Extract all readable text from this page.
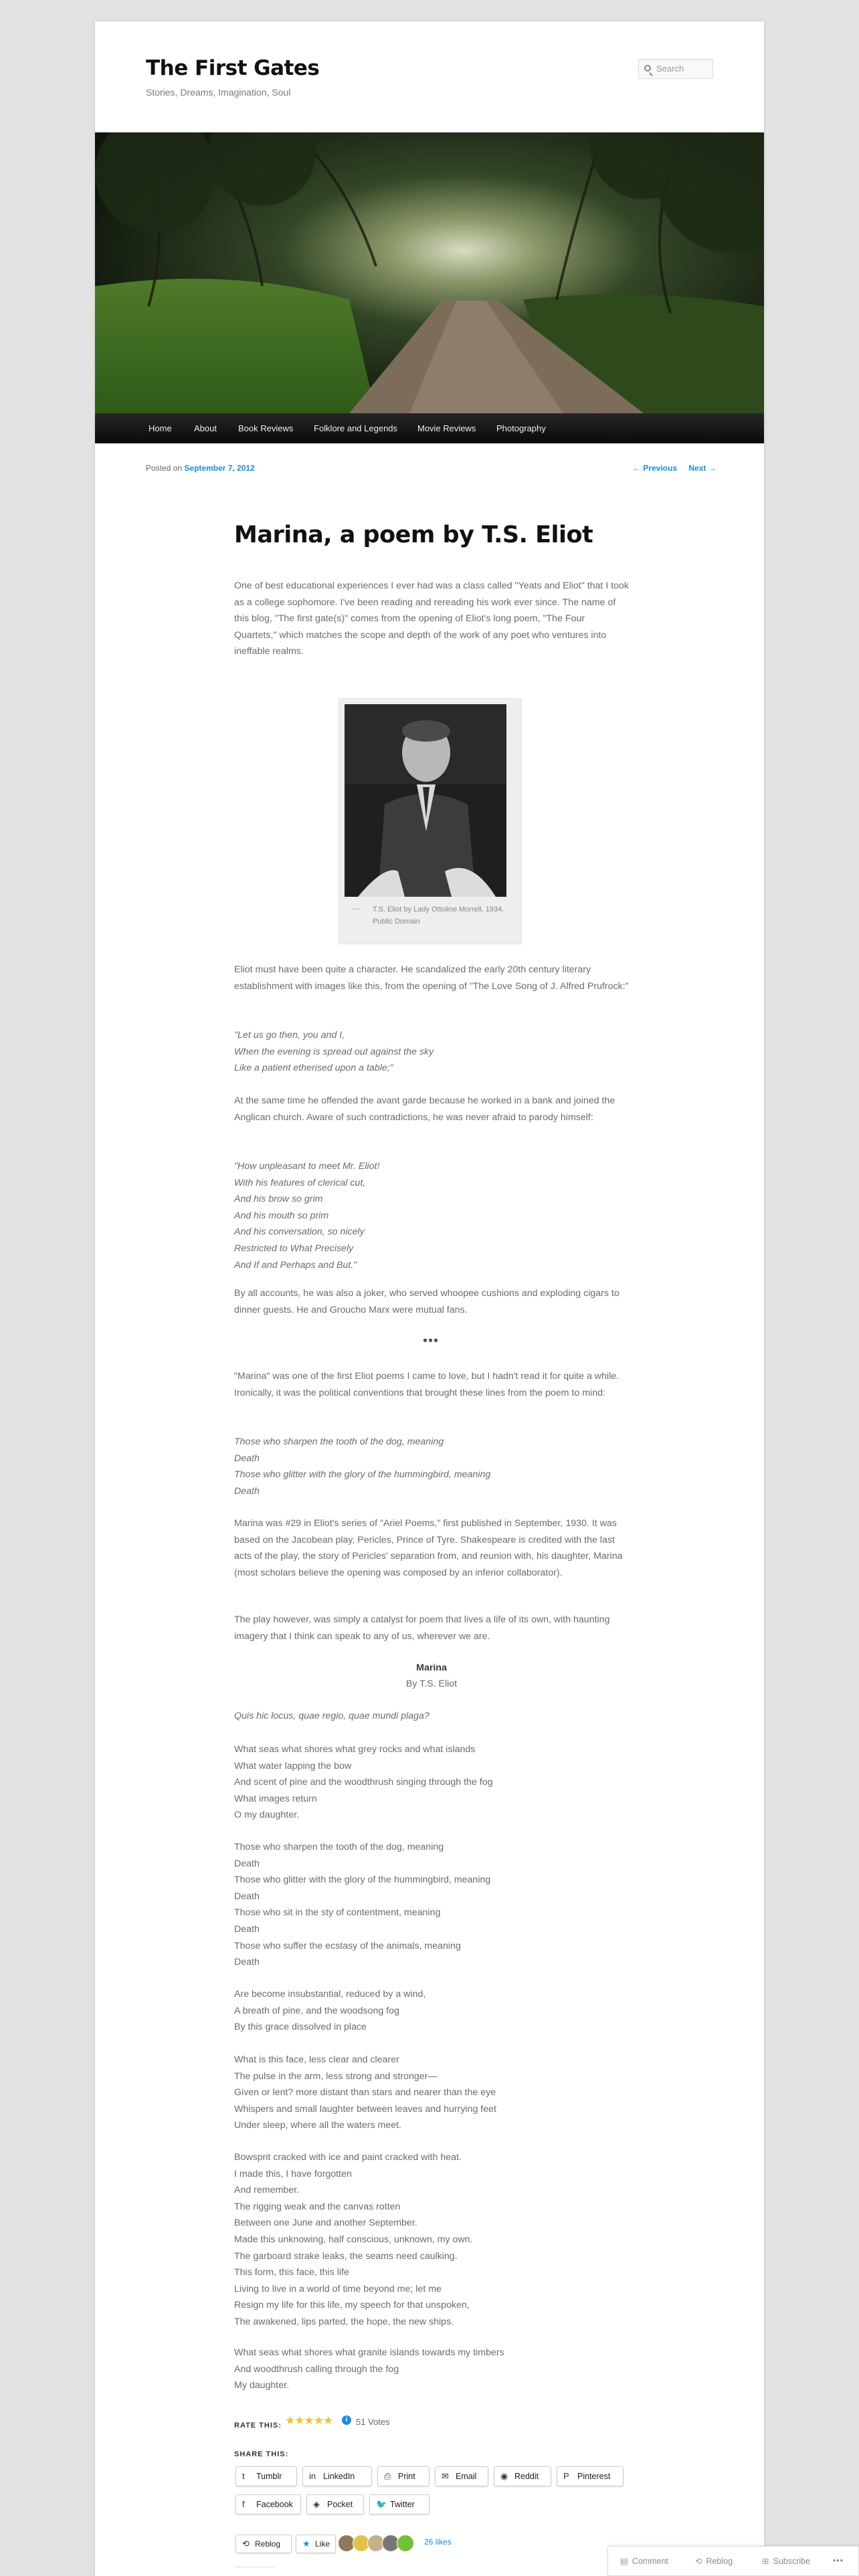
The First Gates
Stories, Dreams, Imagination, Soul
Search
Home	About Book Reviews Folklore and Legends Movie Reviews Photography
Posted on September 7, 2012	← Previous Next →
Marina, a poem by T.S. Eliot
One of best educational experiences I ever had was a class called "Yeats and Eliot" that I took as a college sophomore. I've been reading and rereading his work ever since. The name of this blog, "The first gate(s)" comes from the opening of Eliot's long poem, "The Four Quartets," which matches the scope and depth of the work of any poet who ventures into ineffable realms.
— T.S. Eliot by Lady Ottoline Morrell, 1934. Public Domain
Eliot must have been quite a character. He scandalized the early 20th century literary establishment with images like this, from the opening of "The Love Song of J. Alfred Prufrock:"
"Let us go then, you and I,
When the evening is spread out against the sky
Like a patient etherised upon a table;"
At the same time he offended the avant garde because he worked in a bank and joined the Anglican church. Aware of such contradictions, he was never afraid to parody himself:
"How unpleasant to meet Mr. Eliot!
With his features of clerical cut,
And his brow so grim
And his mouth so prim
And his conversation, so nicely
Restricted to What Precisely
And If and Perhaps and But."
By all accounts, he was also a joker, who served whoopee cushions and exploding cigars to dinner guests. He and Groucho Marx were mutual fans.
•••
"Marina" was one of the first Eliot poems I came to love, but I hadn't read it for quite a while. Ironically, it was the political conventions that brought these lines from the poem to mind:
Those who sharpen the tooth of the dog, meaning
Death
Those who glitter with the glory of the hummingbird, meaning
Death
Marina was #29 in Eliot's series of "Ariel Poems," first published in September, 1930. It was based on the Jacobean play, Pericles, Prince of Tyre. Shakespeare is credited with the last acts of the play, the story of Pericles' separation from, and reunion with, his daughter, Marina (most scholars believe the opening was composed by an inferior collaborator).
The play however, was simply a catalyst for poem that lives a life of its own, with haunting imagery that I think can speak to any of us, wherever we are.
Marina
By T.S. Eliot
Quis hic locus, quae regio, quae mundi plaga?
What seas what shores what grey rocks and what islands
What water lapping the bow
And scent of pine and the woodthrush singing through the fog
What images return
O my daughter.
Those who sharpen the tooth of the dog, meaning
Death
Those who glitter with the glory of the hummingbird, meaning
Death
Those who sit in the sty of contentment, meaning
Death
Those who suffer the ecstasy of the animals, meaning
Death
Are become insubstantial, reduced by a wind,
A breath of pine, and the woodsong fog
By this grace dissolved in place
What is this face, less clear and clearer
The pulse in the arm, less strong and stronger—
Given or lent? more distant than stars and nearer than the eye
Whispers and small laughter between leaves and hurrying feet
Under sleep, where all the waters meet.
Bowsprit cracked with ice and paint cracked with heat.
I made this, I have forgotten
And remember.
The rigging weak and the canvas rotten
Between one June and another September.
Made this unknowing, half conscious, unknown, my own.
The garboard strake leaks, the seams need caulking.
This form, this face, this life
Living to live in a world of time beyond me; let me
Resign my life for this life, my speech for that unspoken,
The awakened, lips parted, the hope, the new ships.
What seas what shores what granite islands towards my timbers
And woodthrush calling through the fog
My daughter.
RATE THIS: ★★★★★	i 51 Votes
SHARE THIS:
t Tumblr	in LinkedIn	⎙ Print	✉ Email	◉ Reddit	P Pinterest
f Facebook	◈ Pocket	🐦 Twitter
⟲ Reblog	★ Like	26 likes
▤ Comment	⟲ Reblog	⊞ Subscribe	•••
